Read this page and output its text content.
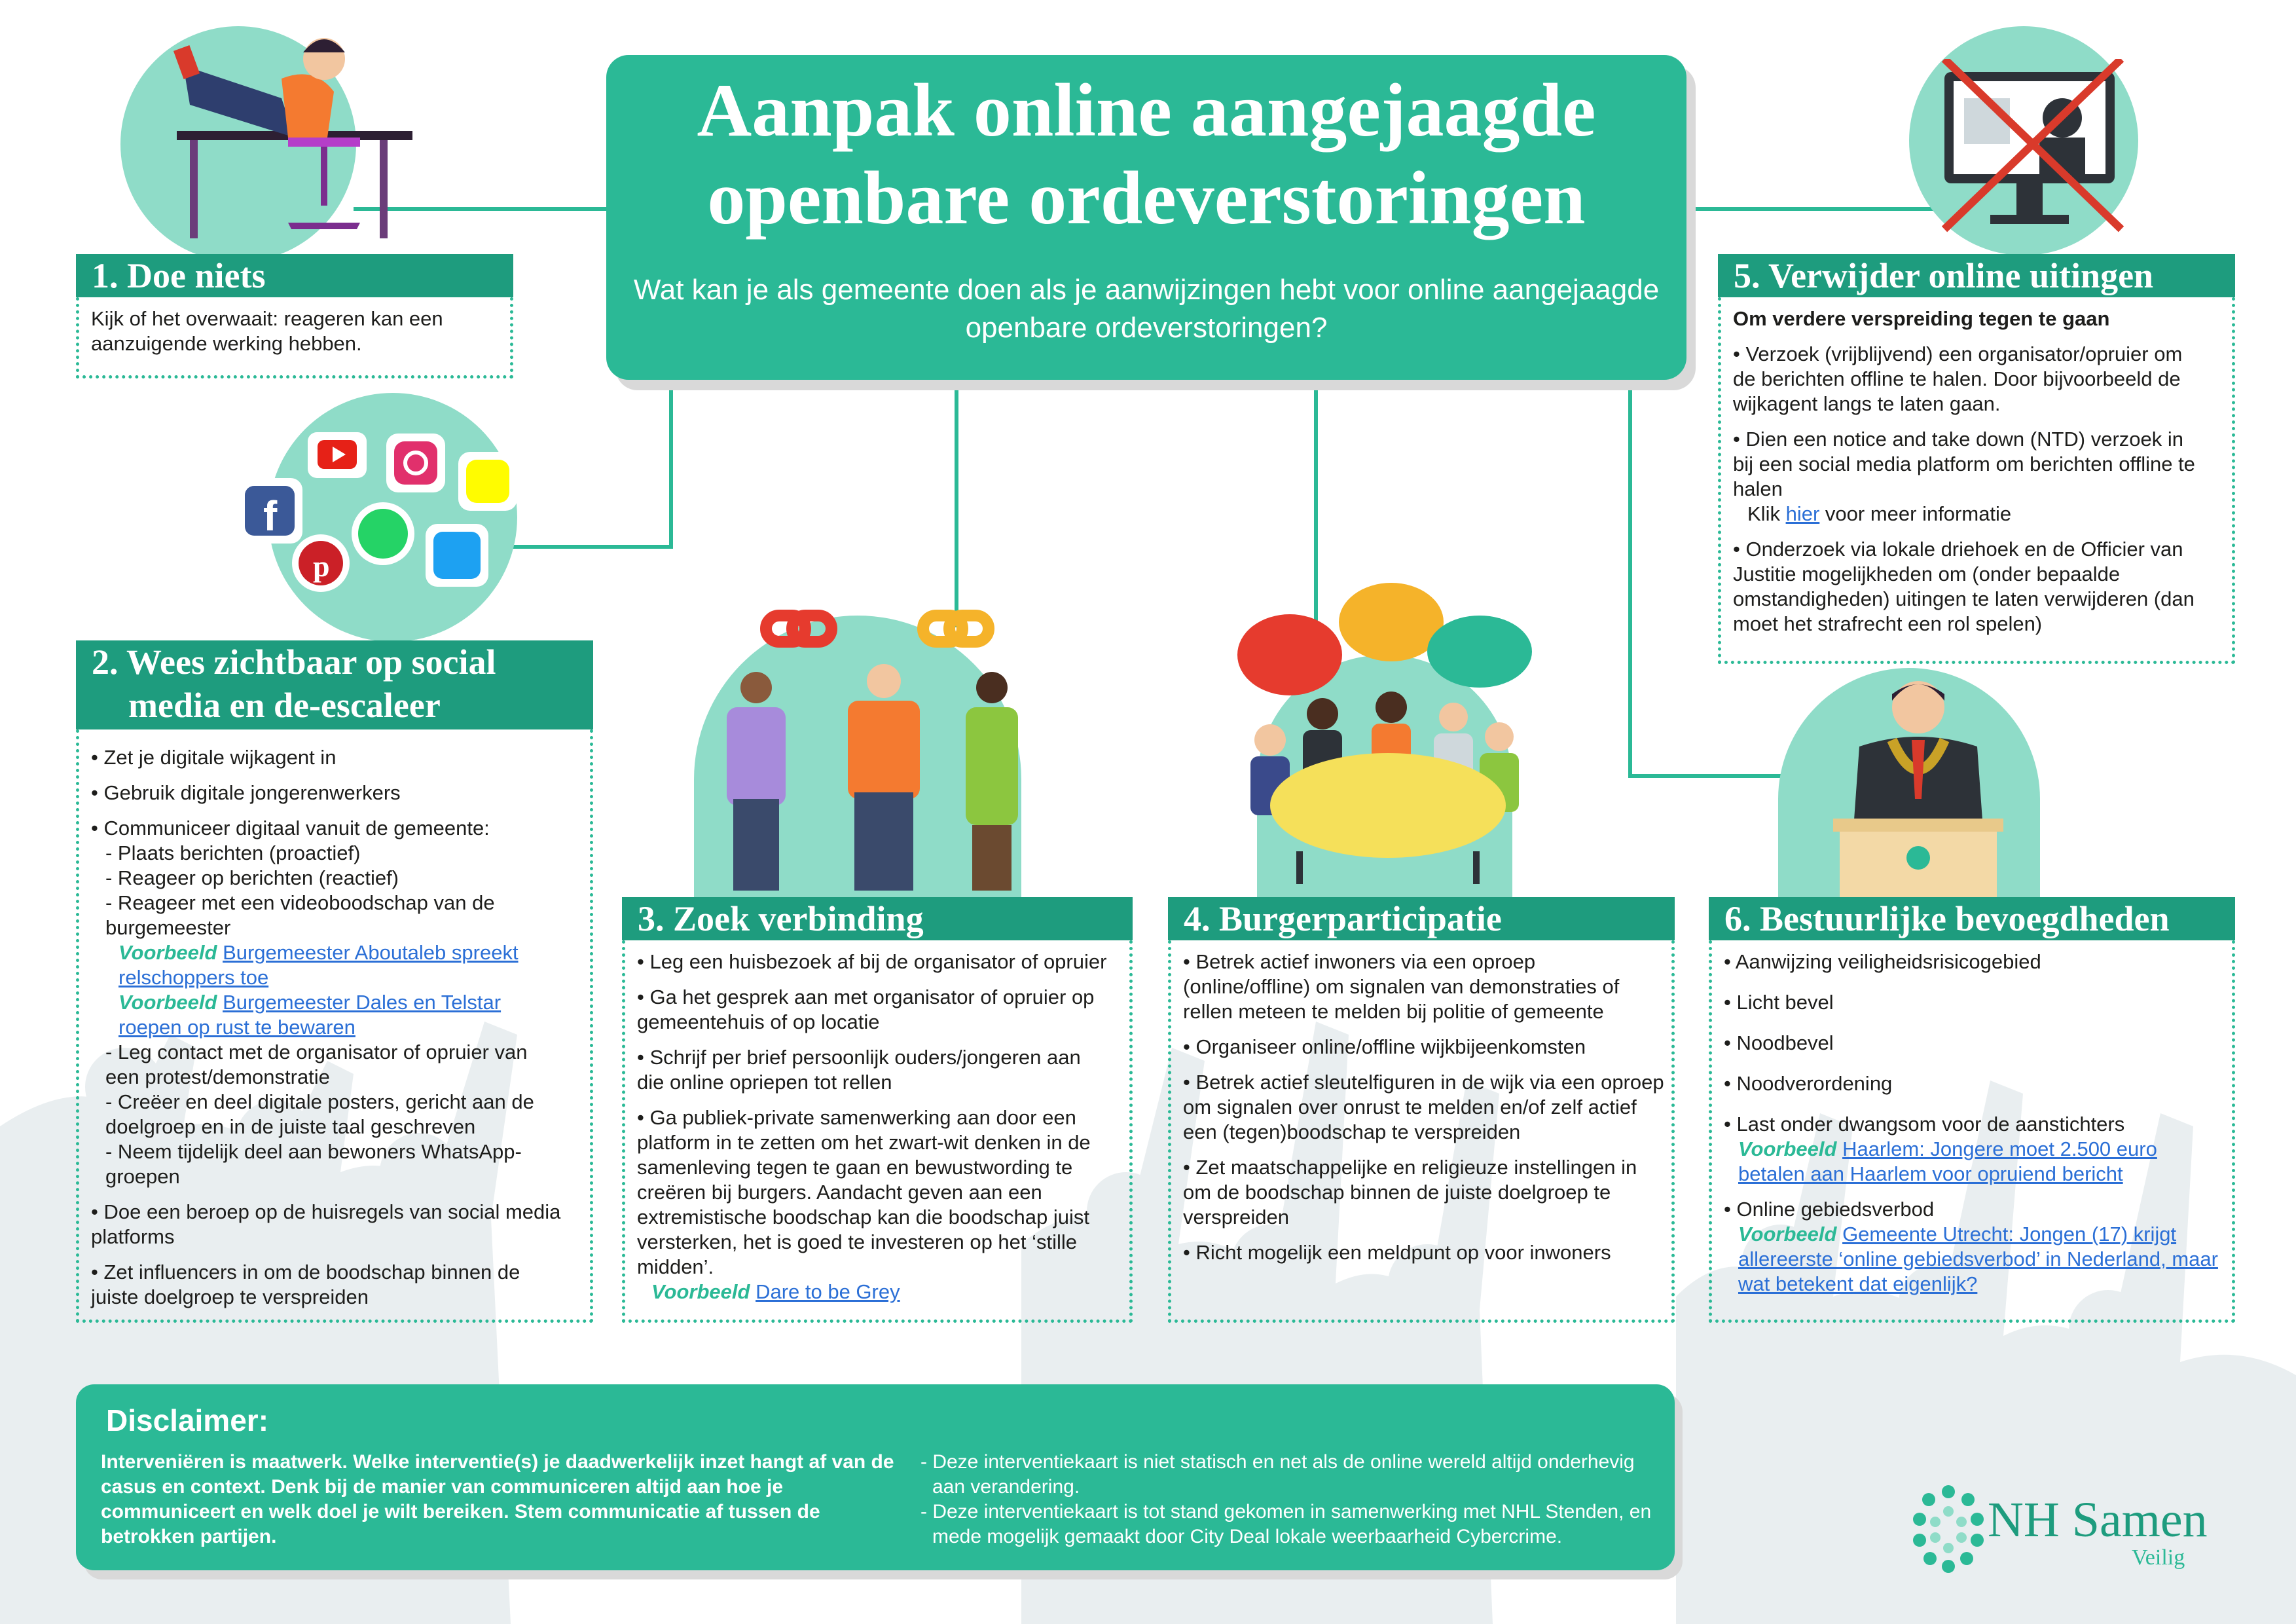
Aanpak online aangejaagde openbare ordeverstoringen
Wat kan je als gemeente doen als je aanwijzingen hebt voor online aangejaagde openbare ordeverstoringen?
1. Doe niets
Kijk of het overwaait: reageren kan een aanzuigende werking hebben.
f
p
2. Wees zichtbaar op social
media en de-escaleer

• Zet je digitale wijkagent in

• Gebruik digitale jongerenwerkers

• Communiceer digitaal vanuit de gemeente:

- Plaats berichten (proactief)
- Reageer op berichten (reactief)
- Reageer met een videoboodschap van de burgemeester
Voorbeeld Burgemeester Aboutaleb spreekt relschoppers toe
Voorbeeld Burgemeester Dales en Telstar roepen op rust te bewaren
- Leg contact met de organisator of opruier van een protest/demonstratie
- Creëer en deel digitale posters, gericht aan de doelgroep en in de juiste taal geschreven
- Neem tijdelijk deel aan bewoners WhatsApp-groepen

• Doe een beroep op de huisregels van social media platforms

• Zet influencers in om de boodschap binnen de juiste doelgroep te verspreiden

3. Zoek verbinding

• Leg een huisbezoek af bij de organisator of opruier

• Ga het gesprek aan met organisator of opruier op gemeentehuis of op locatie

• Schrijf per brief persoonlijk ouders/jongeren aan die online opriepen tot rellen

• Ga publiek-private samenwerking aan door een platform in te zetten om het zwart-wit denken in de samenleving tegen te gaan en bewustwording te creëren bij burgers. Aandacht geven aan een extremistische boodschap kan die boodschap juist versterken, het is goed te investeren op het ‘stille midden’.

Voorbeeld Dare to be Grey
4. Burgerparticipatie

• Betrek actief inwoners via een oproep (online/offline) om signalen van demonstraties of rellen meteen te melden bij politie of gemeente

• Organiseer online/offline wijkbijeenkomsten

• Betrek actief sleutelfiguren in de wijk via een oproep om signalen over onrust te melden en/of zelf actief een (tegen)boodschap te verspreiden

• Zet maatschappelijke en religieuze instellingen in om de boodschap binnen de juiste doelgroep te verspreiden

• Richt mogelijk een meldpunt op voor inwoners

5. Verwijder online uitingen

Om verdere verspreiding tegen te gaan

• Verzoek (vrijblijvend) een organisator/opruier om de berichten offline te halen. Door bijvoorbeeld de wijkagent langs te laten gaan.

• Dien een notice and take down (NTD) verzoek in bij een social media platform om berichten offline te halen

Klik hier voor meer informatie

• Onderzoek via lokale driehoek en de Officier van Justitie mogelijkheden om (onder bepaalde omstandigheden) uitingen te laten verwijderen (dan moet het strafrecht een rol spelen)

6. Bestuurlijke bevoegdheden

• Aanwijzing veiligheidsrisicogebied

• Licht bevel

• Noodbevel

• Noodverordening

• Last onder dwangsom voor de aanstichters

Voorbeeld Haarlem: Jongere moet 2.500 euro betalen aan Haarlem voor opruiend bericht

• Online gebiedsverbod

Voorbeeld Gemeente Utrecht: Jongen (17) krijgt allereerste ‘online gebiedsverbod’ in Nederland, maar wat betekent dat eigenlijk?
Disclaimer:
Interveniëren is maatwerk. Welke interventie(s) je daadwerkelijk inzet hangt af van de casus en context. Denk bij de manier van communiceren altijd aan hoe je communiceert en welk doel je wilt bereiken. Stem communicatie af tussen de betrokken partijen.
- Deze interventiekaart is niet statisch en net als de online wereld altijd onderhevig aan verandering.
- Deze interventiekaart is tot stand gekomen in samenwerking met NHL Stenden, en mede mogelijk gemaakt door City Deal lokale weerbaarheid Cybercrime.	NH Samen
Veilig
